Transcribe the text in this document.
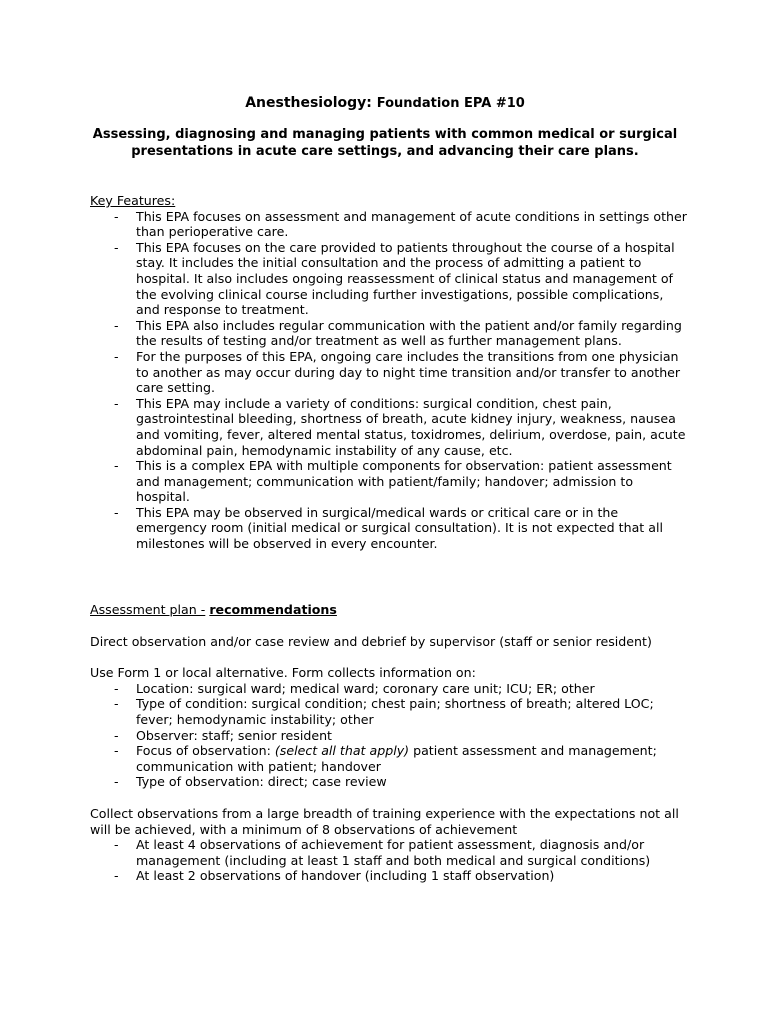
Anesthesiology: Foundation EPA #10
Assessing, diagnosing and managing patients with common medical or surgical presentations in acute care settings, and advancing their care plans.
Key Features:
- This EPA focuses on assessment and management of acute conditions in settings other than perioperative care.
- This EPA focuses on the care provided to patients throughout the course of a hospital stay. It includes the initial consultation and the process of admitting a patient to hospital. It also includes ongoing reassessment of clinical status and management of the evolving clinical course including further investigations, possible complications, and response to treatment.
- This EPA also includes regular communication with the patient and/or family regarding the results of testing and/or treatment as well as further management plans.
- For the purposes of this EPA, ongoing care includes the transitions from one physician to another as may occur during day to night time transition and/or transfer to another care setting.
- This EPA may include a variety of conditions: surgical condition, chest pain, gastrointestinal bleeding, shortness of breath, acute kidney injury, weakness, nausea and vomiting, fever, altered mental status, toxidromes, delirium, overdose, pain, acute abdominal pain, hemodynamic instability of any cause, etc.
- This is a complex EPA with multiple components for observation: patient assessment and management; communication with patient/family; handover; admission to hospital.
- This EPA may be observed in surgical/medical wards or critical care or in the emergency room (initial medical or surgical consultation). It is not expected that all milestones will be observed in every encounter.
Assessment plan - recommendations

Direct observation and/or case review and debrief by supervisor (staff or senior resident)

Use Form 1 or local alternative. Form collects information on:

- Location: surgical ward; medical ward; coronary care unit; ICU; ER; other
- Type of condition: surgical condition; chest pain; shortness of breath; altered LOC; fever; hemodynamic instability; other
- Observer: staff; senior resident
- Focus of observation: (select all that apply) patient assessment and management; communication with patient; handover
- Type of observation: direct; case review

Collect observations from a large breadth of training experience with the expectations not all will be achieved, with a minimum of 8 observations of achievement

- At least 4 observations of achievement for patient assessment, diagnosis and/or management (including at least 1 staff and both medical and surgical conditions)
- At least 2 observations of handover (including 1 staff observation)
